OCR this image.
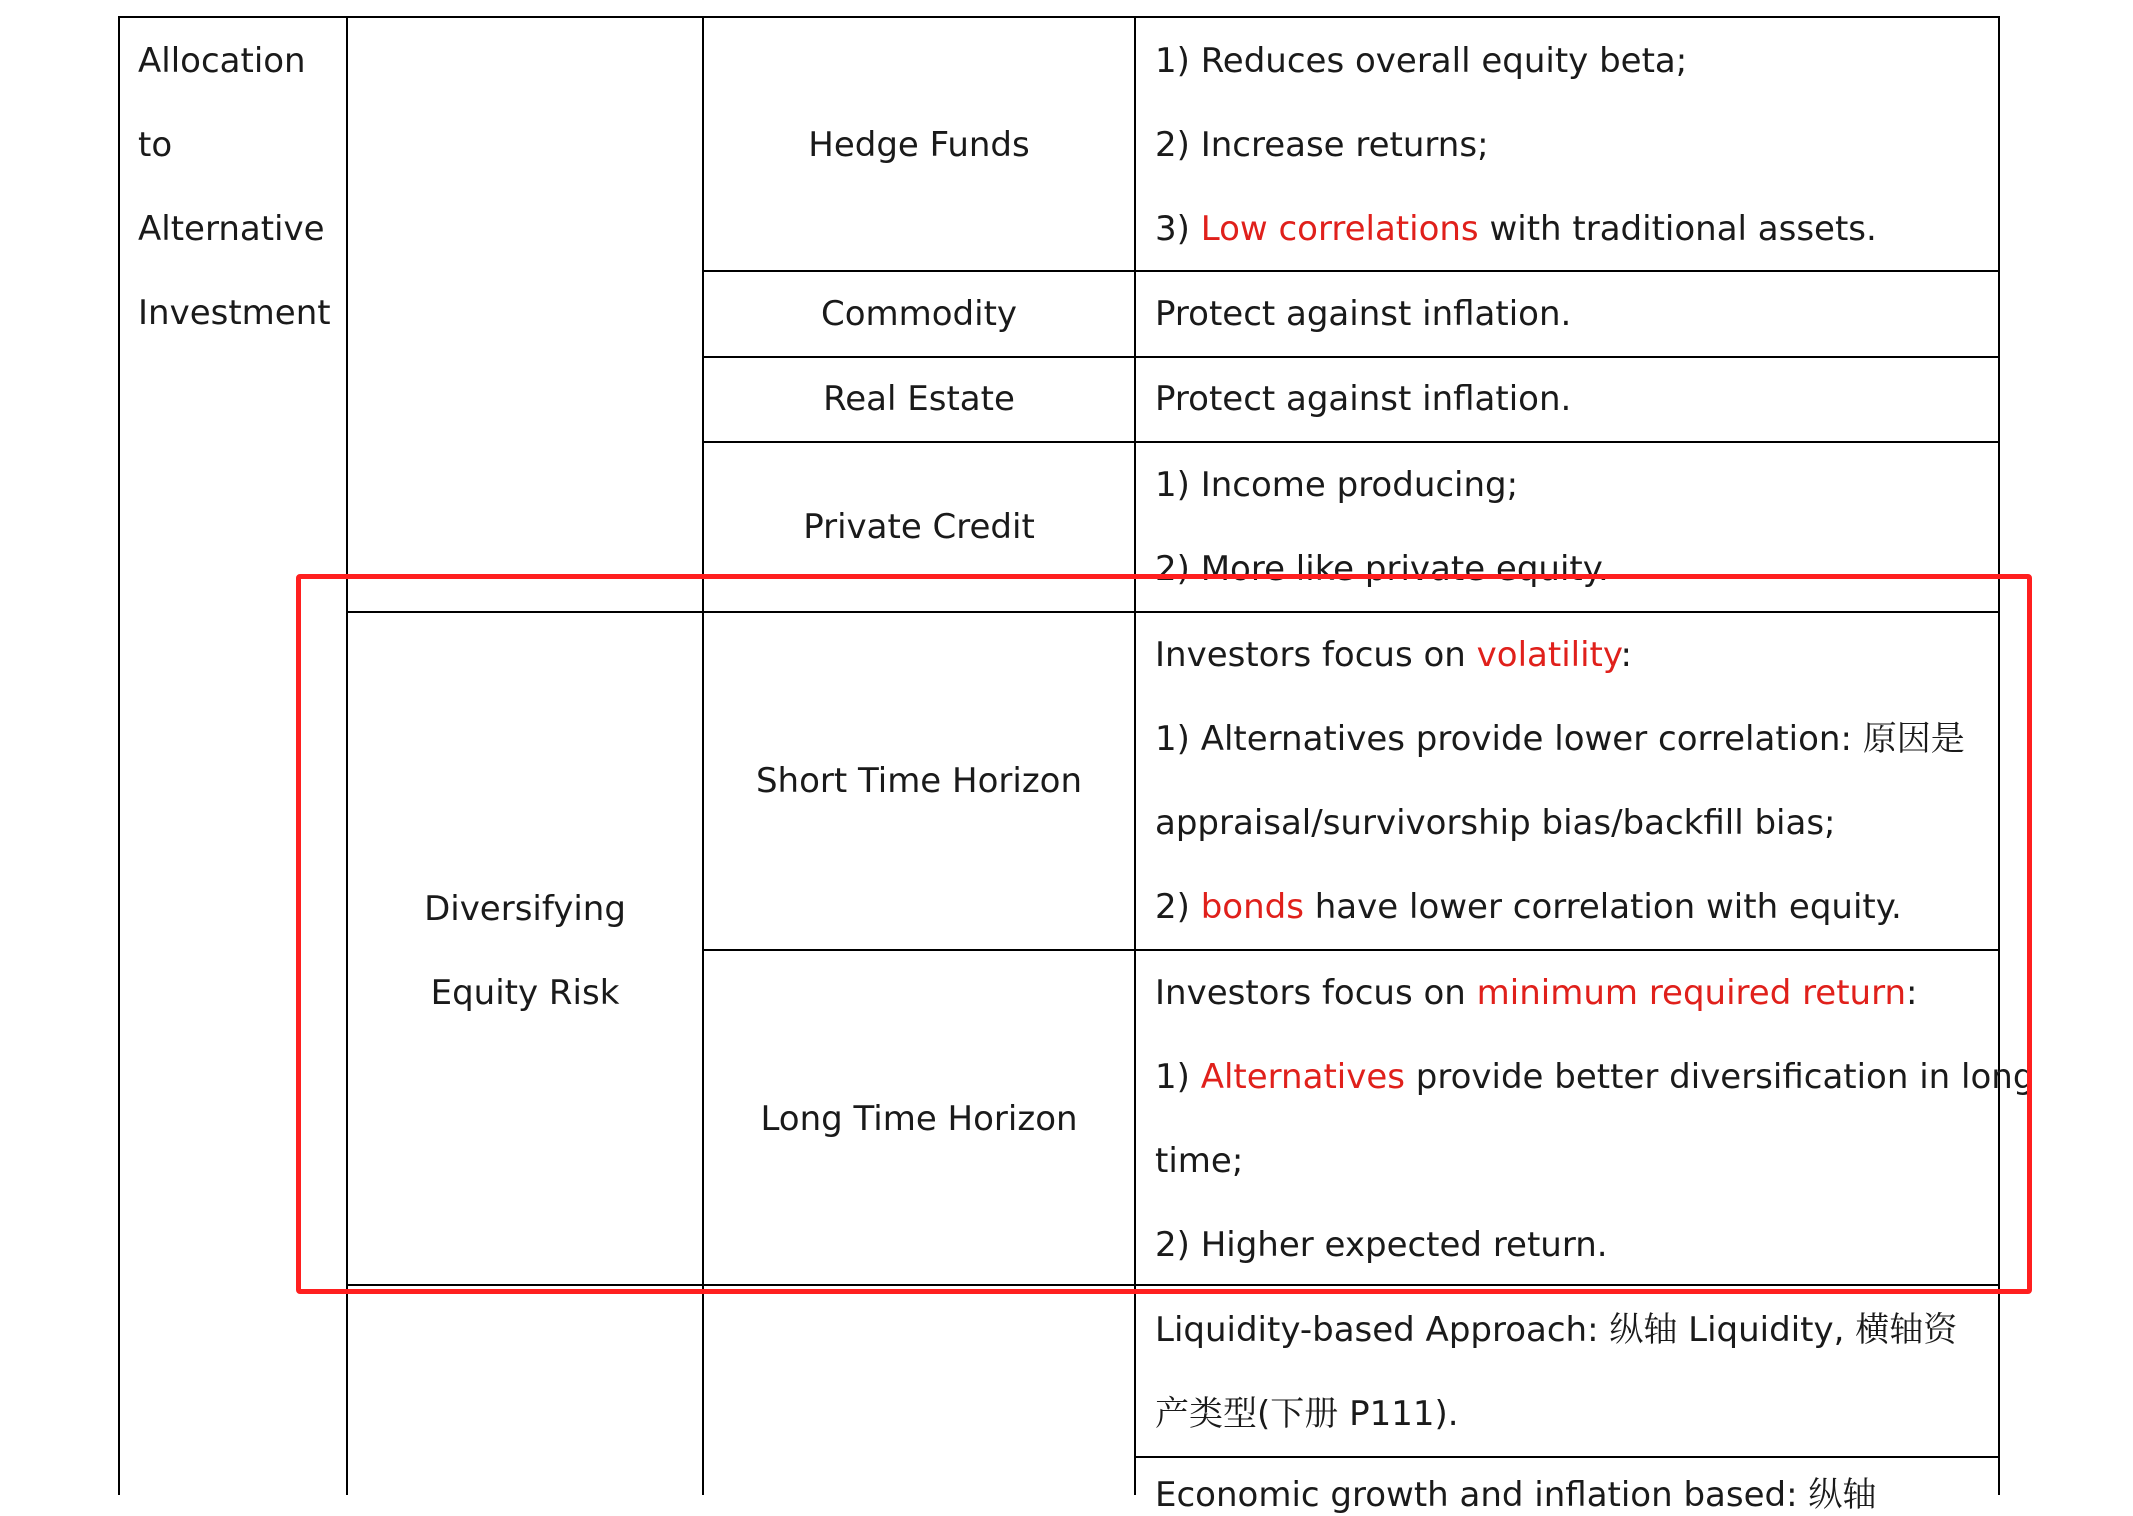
Allocation
to
Alternative
Investment
Hedge Funds
1) Reduces overall equity beta;
2) Increase returns;
3) Low correlations with traditional assets.
Commodity	Protect against inflation.
Real Estate	Protect against inflation.
Private Credit
1) Income producing;
2) More like private equity.
Diversifying
Equity Risk
Short Time Horizon
Investors focus on volatility:
1) Alternatives provide lower correlation: 原因是
appraisal/survivorship bias/backfill bias;
2) bonds have lower correlation with equity.
Long Time Horizon
Investors focus on minimum required return:
1) Alternatives provide better diversification in long
time;
2) Higher expected return.
Liquidity-based Approach: 纵轴 Liquidity, 横轴资
产类型(下册 P111).
Economic growth and inflation based: 纵轴
